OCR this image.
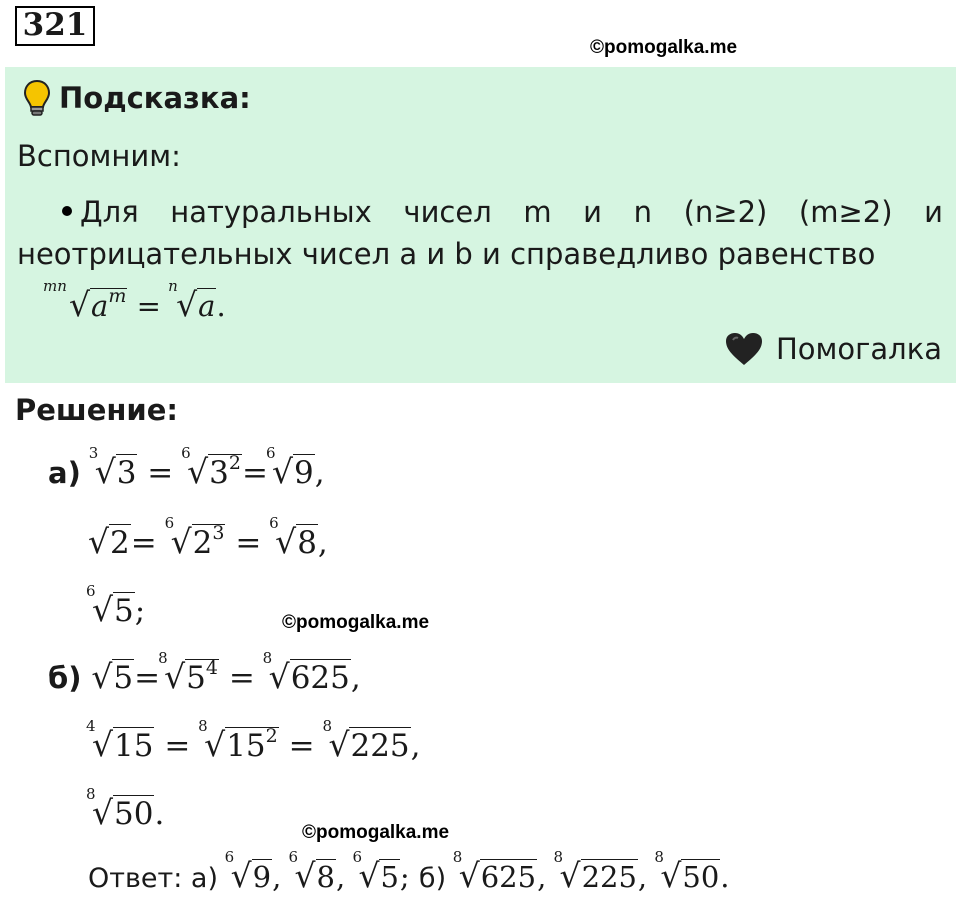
321
©pomogalka.me
Подсказка:
Вспомним:
Для натуральных чисел m и n (n≥2) (m≥2) и неотрицательных чисел a и b и справедливо равенство
mn $√a^m$ =
n
√a.
Помогалка
Решение:
а)
3
√3 =
6
$√3^2=$
6
√9,
√2=
6
$√2^3$ =
6
√8,
6
√5;	©pomogalka.me
б) √5=
8
$√5^4$ =
8
√625,
4
√15 =
8
$√15^2$ =
8
√225,
8
√50.
©pomogalka.me
Ответ: а)
6
√9,
6
√8,
6
√5; б)
8
√625,
8
√225,
8
√50.
